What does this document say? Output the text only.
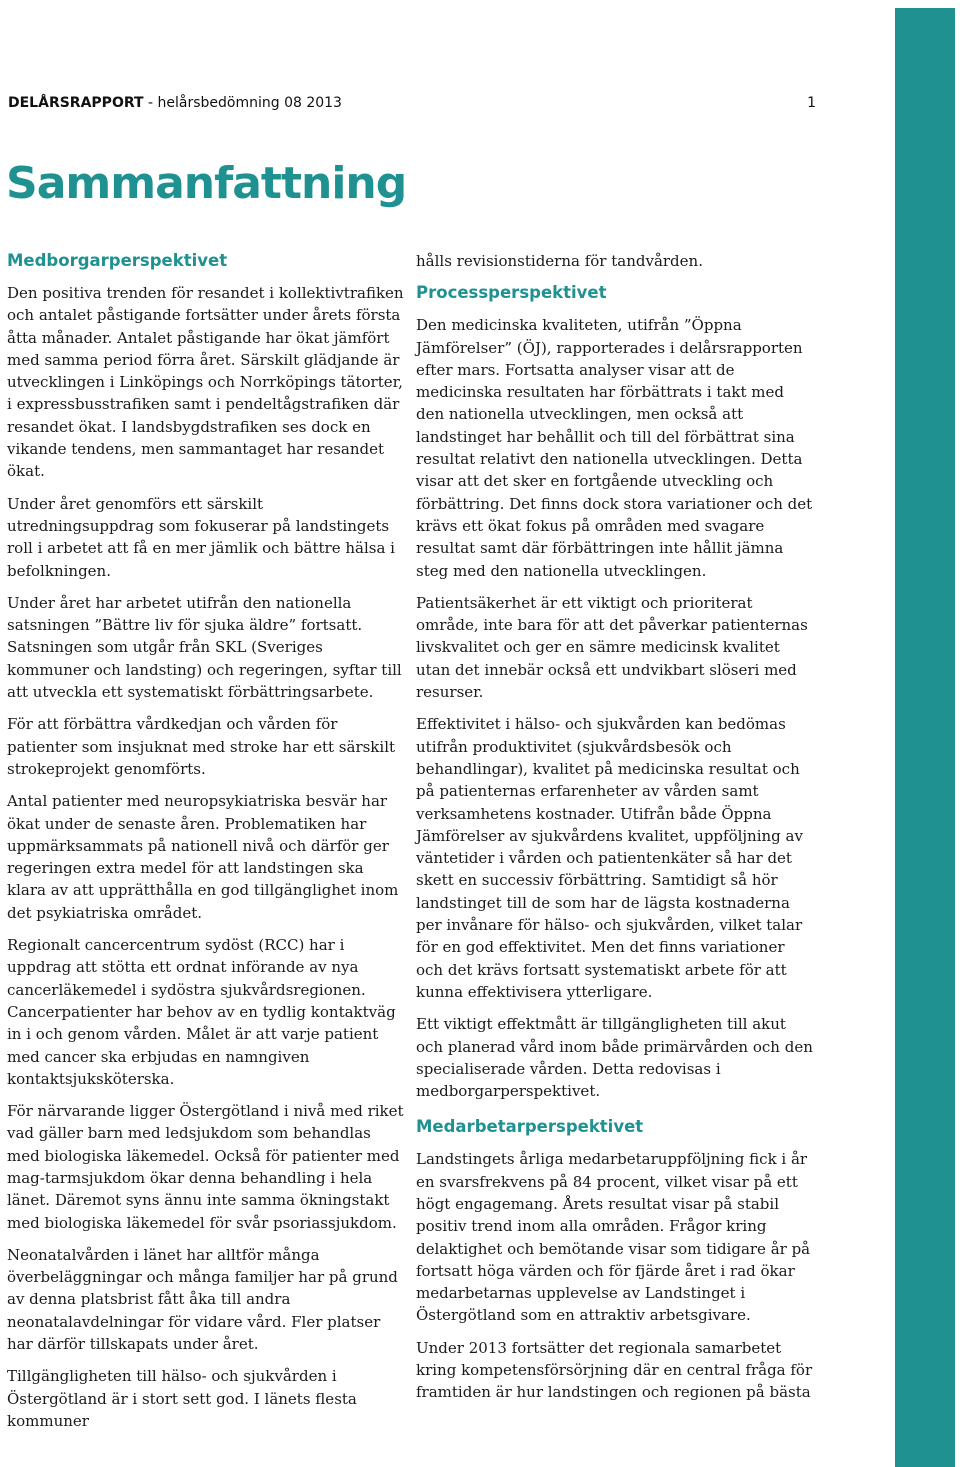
DELÅRSRAPPORT - helårsbedömning 08 2013	1
Sammanfattning
Medborgarperspektivet

Den positiva trenden för resandet i kollektivtrafiken och antalet påstigande fortsätter under årets första åtta månader. Antalet påstigande har ökat jämfört med samma period förra året. Särskilt glädjande är utvecklingen i Linköpings och Norrköpings tätorter, i expressbusstrafiken samt i pendeltågstrafiken där resandet ökat. I landsbygdstrafiken ses dock en vikande tendens, men sammantaget har resandet ökat.

Under året genomförs ett särskilt utredningsuppdrag som fokuserar på landstingets roll i arbetet att få en mer jämlik och bättre hälsa i befolkningen.

Under året har arbetet utifrån den nationella satsningen ”Bättre liv för sjuka äldre” fortsatt. Satsningen som utgår från SKL (Sveriges kommuner och landsting) och regeringen, syftar till att utveckla ett systematiskt förbättringsarbete.

För att förbättra vårdkedjan och vården för patienter som insjuknat med stroke har ett särskilt strokeprojekt genomförts.

Antal patienter med neuropsykiatriska besvär har ökat under de senaste åren. Problematiken har uppmärksammats på nationell nivå och därför ger regeringen extra medel för att landstingen ska klara av att upprätthålla en god tillgänglighet inom det psykiatriska området.

Regionalt cancercentrum sydöst (RCC) har i uppdrag att stötta ett ordnat införande av nya cancerläkemedel i sydöstra sjukvårdsregionen. Cancerpatienter har behov av en tydlig kontaktväg in i och genom vården. Målet är att varje patient med cancer ska erbjudas en namngiven kontaktsjuksköterska.

För närvarande ligger Östergötland i nivå med riket vad gäller barn med ledsjukdom som behandlas med biologiska läkemedel. Också för patienter med mag-tarmsjukdom ökar denna behandling i hela länet. Däremot syns ännu inte samma ökningstakt med biologiska läkemedel för svår psoriassjukdom.

Neonatalvården i länet har alltför många överbeläggningar och många familjer har på grund av denna platsbrist fått åka till andra neonatalavdelningar för vidare vård. Fler platser har därför tillskapats under året.

Tillgängligheten till hälso- och sjukvården i Östergötland är i stort sett god. I länets flesta kommuner

hålls revisionstiderna för tandvården.

Processperspektivet

Den medicinska kvaliteten, utifrån ”Öppna Jämförelser” (ÖJ), rapporterades i delårsrapporten efter mars. Fortsatta analyser visar att de medicinska resultaten har förbättrats i takt med den nationella utvecklingen, men också att landstinget har behållit och till del förbättrat sina resultat relativt den nationella utvecklingen. Detta visar att det sker en fortgående utveckling och förbättring. Det finns dock stora variationer och det krävs ett ökat fokus på områden med svagare resultat samt där förbättringen inte hållit jämna steg med den nationella utvecklingen.

Patientsäkerhet är ett viktigt och prioriterat område, inte bara för att det påverkar patienternas livskvalitet och ger en sämre medicinsk kvalitet utan det innebär också ett undvikbart slöseri med resurser.

Effektivitet i hälso- och sjukvården kan bedömas utifrån produktivitet (sjukvårdsbesök och behandlingar), kvalitet på medicinska resultat och på patienternas erfarenheter av vården samt verksamhetens kostnader. Utifrån både Öppna Jämförelser av sjukvårdens kvalitet, uppföljning av väntetider i vården och patientenkäter så har det skett en successiv förbättring. Samtidigt så hör landstinget till de som har de lägsta kostnaderna per invånare för hälso- och sjukvården, vilket talar för en god effektivitet. Men det finns variationer och det krävs fortsatt systematiskt arbete för att kunna effektivisera ytterligare.

Ett viktigt effektmått är tillgängligheten till akut och planerad vård inom både primärvården och den specialiserade vården. Detta redovisas i medborgarperspektivet.

Medarbetarperspektivet

Landstingets årliga medarbetaruppföljning fick i år en svarsfrekvens på 84 procent, vilket visar på ett högt engagemang. Årets resultat visar på stabil positiv trend inom alla områden. Frågor kring delaktighet och bemötande visar som tidigare år på fortsatt höga värden och för fjärde året i rad ökar medarbetarnas upplevelse av Landstinget i Östergötland som en attraktiv arbetsgivare.

Under 2013 fortsätter det regionala samarbetet kring kompetensförsörjning där en central fråga för framtiden är hur landstingen och regionen på bästa
